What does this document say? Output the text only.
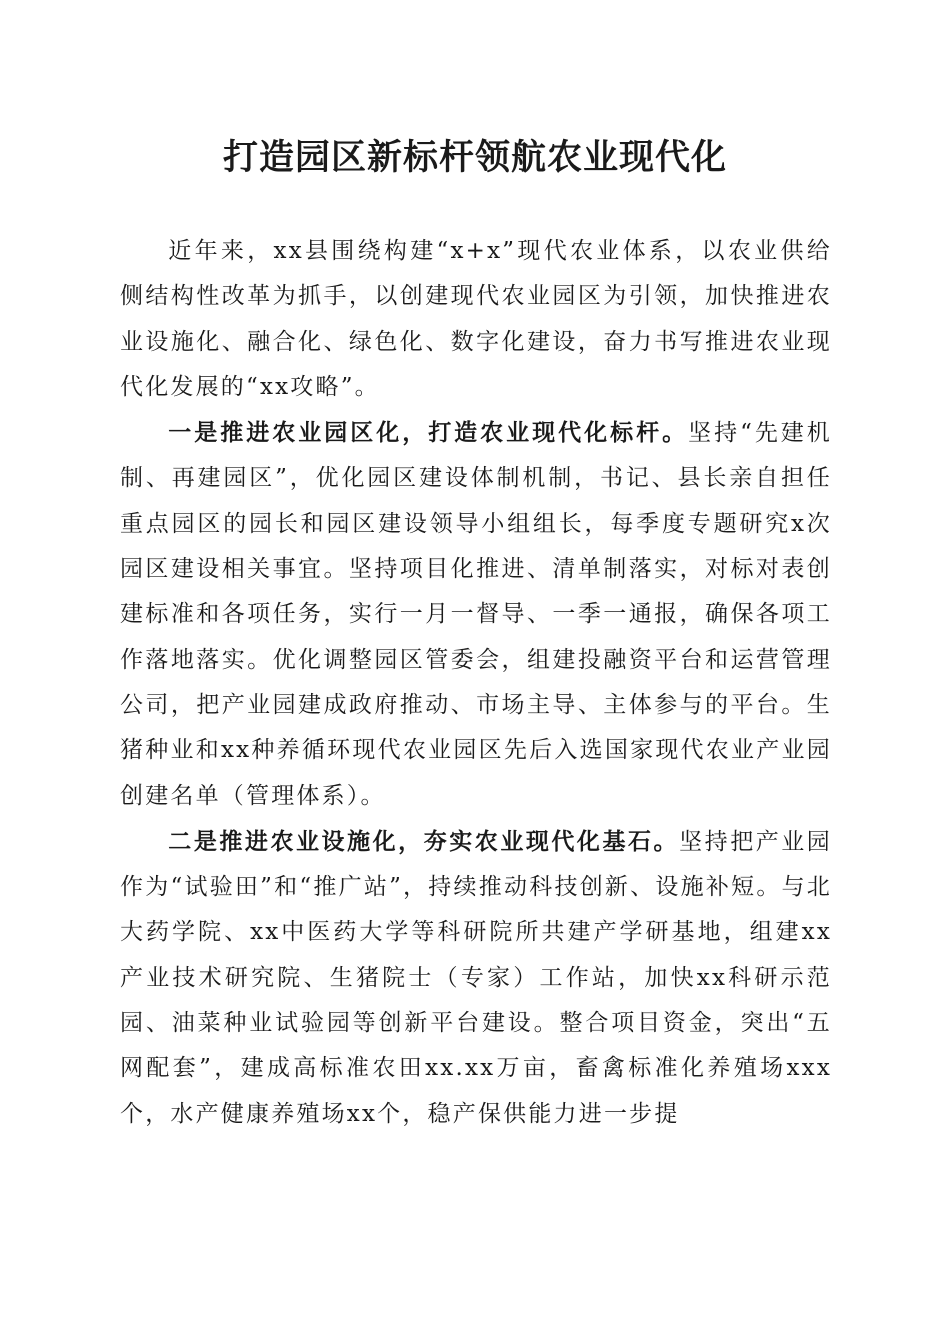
打造园区新标杆领航农业现代化

近年来，xx县围绕构建“x+x”现代农业体系，以农业供给侧结构性改革为抓手，以创建现代农业园区为引领，加快推进农业设施化、融合化、绿色化、数字化建设，奋力书写推进农业现代化发展的“xx攻略”。

一是推进农业园区化，打造农业现代化标杆。坚持“先建机制、再建园区”，优化园区建设体制机制，书记、县长亲自担任重点园区的园长和园区建设领导小组组长，每季度专题研究x次园区建设相关事宜。坚持项目化推进、清单制落实，对标对表创建标准和各项任务，实行一月一督导、一季一通报，确保各项工作落地落实。优化调整园区管委会，组建投融资平台和运营管理公司，把产业园建成政府推动、市场主导、主体参与的平台。生猪种业和xx种养循环现代农业园区先后入选国家现代农业产业园创建名单（管理体系）。

二是推进农业设施化，夯实农业现代化基石。坚持把产业园作为“试验田”和“推广站”，持续推动科技创新、设施补短。与北大药学院、xx中医药大学等科研院所共建产学研基地，组建xx产业技术研究院、生猪院士（专家）工作站，加快xx科研示范园、油菜种业试验园等创新平台建设。整合项目资金，突出“五网配套”，建成高标准农田xx.xx万亩，畜禽标准化养殖场xxx个，水产健康养殖场xx个，稳产保供能力进一步提
